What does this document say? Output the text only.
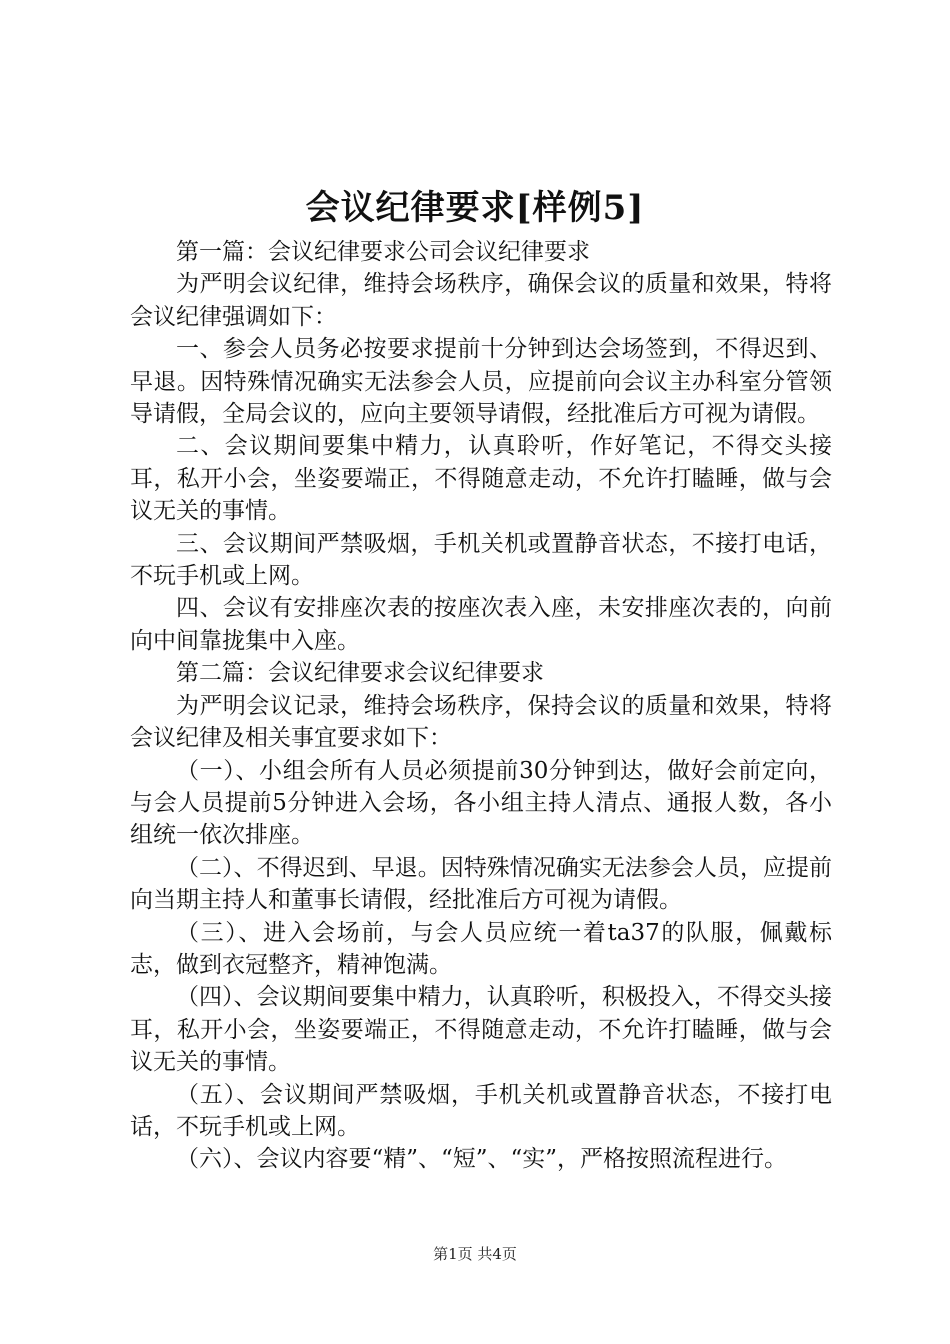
会议纪律要求[样例5]

第一篇：会议纪律要求公司会议纪律要求

为严明会议纪律，维持会场秩序，确保会议的质量和效果，特将会议纪律强调如下：

一、参会人员务必按要求提前十分钟到达会场签到，不得迟到、早退。因特殊情况确实无法参会人员，应提前向会议主办科室分管领导请假，全局会议的，应向主要领导请假，经批准后方可视为请假。

二、会议期间要集中精力，认真聆听，作好笔记，不得交头接耳，私开小会，坐姿要端正，不得随意走动，不允许打瞌睡，做与会议无关的事情。

三、会议期间严禁吸烟，手机关机或置静音状态，不接打电话，不玩手机或上网。

四、会议有安排座次表的按座次表入座，未安排座次表的，向前向中间靠拢集中入座。

第二篇：会议纪律要求会议纪律要求

为严明会议记录，维持会场秩序，保持会议的质量和效果，特将会议纪律及相关事宜要求如下：

（一）、小组会所有人员必须提前30分钟到达，做好会前定向，与会人员提前5分钟进入会场，各小组主持人清点、通报人数，各小组统一依次排座。

（二）、不得迟到、早退。因特殊情况确实无法参会人员，应提前向当期主持人和董事长请假，经批准后方可视为请假。

（三）、进入会场前，与会人员应统一着ta37的队服，佩戴标志，做到衣冠整齐，精神饱满。

（四）、会议期间要集中精力，认真聆听，积极投入，不得交头接耳，私开小会，坐姿要端正，不得随意走动，不允许打瞌睡，做与会议无关的事情。

（五）、会议期间严禁吸烟，手机关机或置静音状态，不接打电话，不玩手机或上网。

（六）、会议内容要“精”、“短”、“实”，严格按照流程进行。

第1页 共4页
